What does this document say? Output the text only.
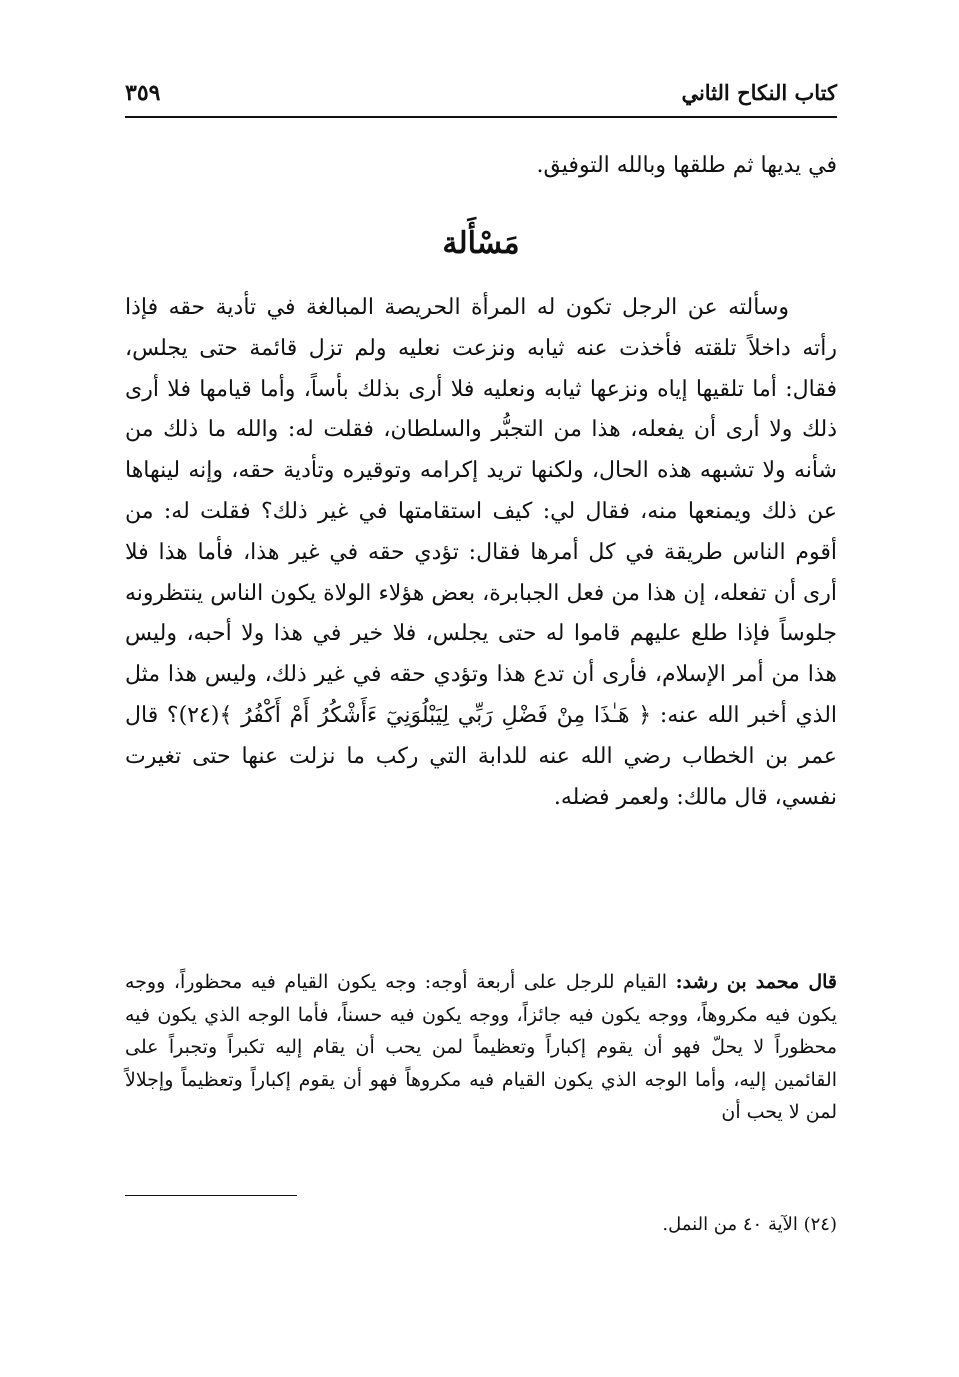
كتاب النكاح الثاني
٣٥٩
في يديها ثم طلقها وبالله التوفيق.
مَسْأَلة

وسألته عن الرجل تكون له المرأة الحريصة المبالغة في تأدية حقه فإذا رأته داخلاً تلقته فأخذت عنه ثيابه ونزعت نعليه ولم تزل قائمة حتى يجلس، فقال: أما تلقيها إياه ونزعها ثيابه ونعليه فلا أرى بذلك بأساً، وأما قيامها فلا أرى ذلك ولا أرى أن يفعله، هذا من التجبُّر والسلطان، فقلت له: والله ما ذلك من شأنه ولا تشبهه هذه الحال، ولكنها تريد إكرامه وتوقيره وتأدية حقه، وإنه لينهاها عن ذلك ويمنعها منه، فقال لي: كيف استقامتها في غير ذلك؟ فقلت له: من أقوم الناس طريقة في كل أمرها فقال: تؤدي حقه في غير هذا، فأما هذا فلا أرى أن تفعله، إن هذا من فعل الجبابرة، بعض هؤلاء الولاة يكون الناس ينتظرونه جلوساً فإذا طلع عليهم قاموا له حتى يجلس، فلا خير في هذا ولا أحبه، وليس هذا من أمر الإسلام، فأرى أن تدع هذا وتؤدي حقه في غير ذلك، وليس هذا مثل الذي أخبر الله عنه: ﴿ هَـٰذَا مِنْ فَضْلِ رَبِّي لِيَبْلُوَنِيٓ ءَأَشْكُرُ أَمْ أَكْفُرُ ﴾(٢٤)؟ قال عمر بن الخطاب رضي الله عنه للدابة التي ركب ما نزلت عنها حتى تغيرت نفسي، قال مالك: ولعمر فضله.

قال محمد بن رشد: القيام للرجل على أربعة أوجه: وجه يكون القيام فيه محظوراً، ووجه يكون فيه مكروهاً، ووجه يكون فيه جائزاً، ووجه يكون فيه حسناً، فأما الوجه الذي يكون فيه محظوراً لا يحلّ فهو أن يقوم إكباراً وتعظيماً لمن يحب أن يقام إليه تكبراً وتجبراً على القائمين إليه، وأما الوجه الذي يكون القيام فيه مكروهاً فهو أن يقوم إكباراً وتعظيماً وإجلالاً لمن لا يحب أن

(٢٤) الآية ٤٠ من النمل.
